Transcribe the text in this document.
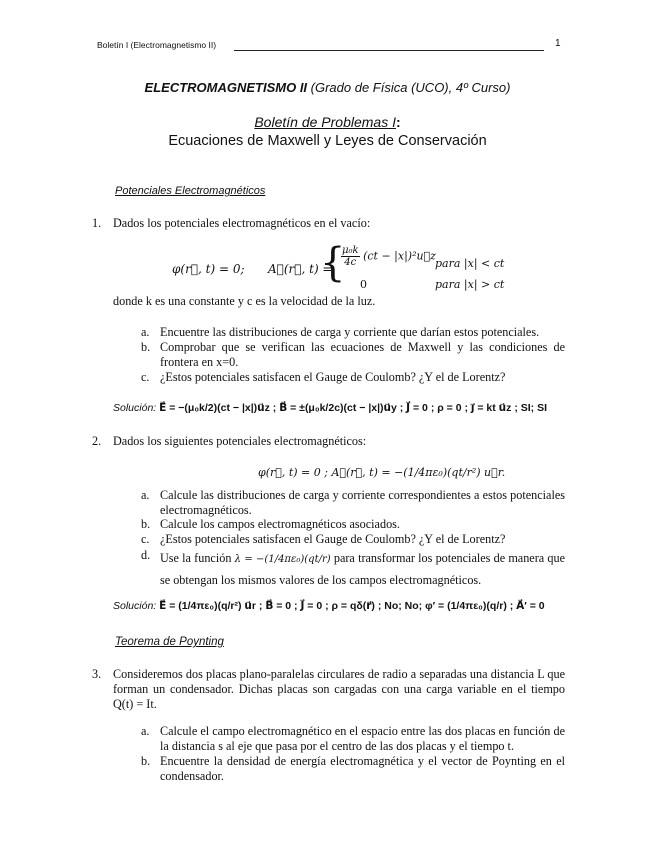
Boletín I (Electromagnetismo II)	1
ELECTROMAGNETISMO II (Grado de Física (UCO), 4º Curso)
Boletín de Problemas I:
Ecuaciones de Maxwell y Leyes de Conservación
Potenciales Electromagnéticos
1. Dados los potenciales electromagnéticos en el vacío:
φ(r⃗, t) = 0; A⃗(r⃗, t) =
{
$\frac{\text{μ₀k}}{4c} (ct$ − |x|)²u⃗z
para |x| < ct
0	para |x| > ct
donde k es una constante y c es la velocidad de la luz.
a. Encuentre las distribuciones de carga y corriente que darían estos potenciales.
b. Comprobar que se verifican las ecuaciones de Maxwell y las condiciones de frontera en x=0.
c. ¿Estos potenciales satisfacen el Gauge de Coulomb? ¿Y el de Lorentz?
Solución: E⃗ = −(μ₀k/2)(ct − |x|)u⃗z ; B⃗ = ±(μ₀k/2c)(ct − |x|)u⃗y ; J⃗ = 0 ; ρ = 0 ; j⃗ = kt u⃗z ; SI; SI
2. Dados los siguientes potenciales electromagnéticos:
φ(r⃗, t) = 0 ; A⃗(r⃗, t) = −(1/4πε₀)(qt/r²) u⃗r.
a. Calcule las distribuciones de carga y corriente correspondientes a estos potenciales electromagnéticos.
b. Calcule los campos electromagnéticos asociados.
c. ¿Estos potenciales satisfacen el Gauge de Coulomb? ¿Y el de Lorentz?
d. Use la función λ = −(1/4πε₀)(qt/r) para transformar los potenciales de manera que se obtengan los mismos valores de los campos electromagnéticos.
Solución: E⃗ = (1/4πε₀)(q/r²) u⃗r ; B⃗ = 0 ; J⃗ = 0 ; ρ = qδ(r⃗) ; No; No; φ′ = (1/4πε₀)(q/r) ; A⃗′ = 0
Teorema de Poynting
3. Consideremos dos placas plano-paralelas circulares de radio a separadas una distancia L que forman un condensador. Dichas placas son cargadas con una carga variable en el tiempo Q(t) = It.
a. Calcule el campo electromagnético en el espacio entre las dos placas en función de la distancia s al eje que pasa por el centro de las dos placas y el tiempo t.
b. Encuentre la densidad de energía electromagnética y el vector de Poynting en el condensador.
